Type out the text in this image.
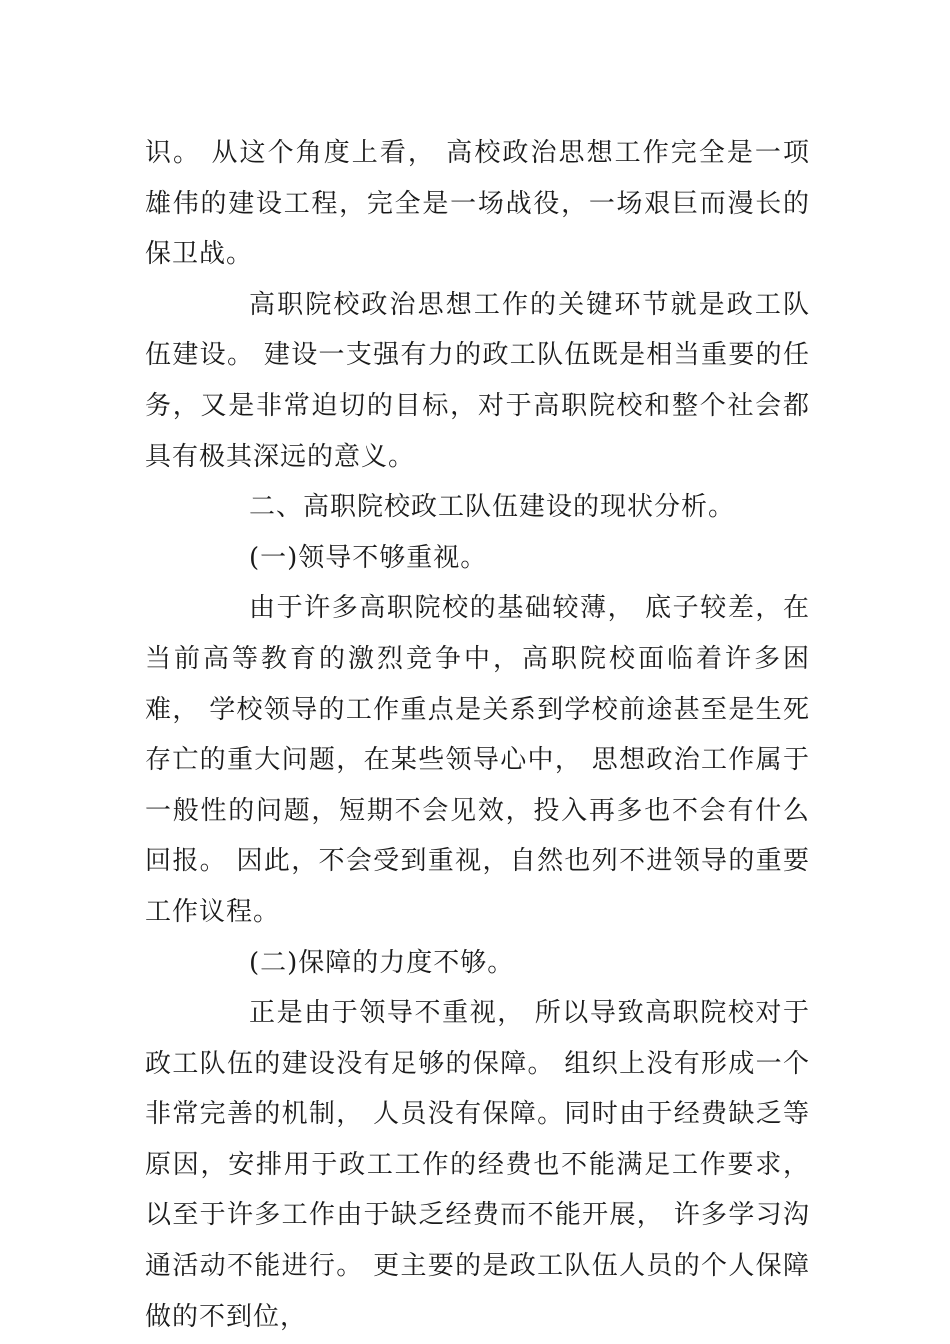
识。 从这个角度上看， 高校政治思想工作完全是一项雄伟的建设工程，完全是一场战役，一场艰巨而漫长的保卫战。

高职院校政治思想工作的关键环节就是政工队伍建设。 建设一支强有力的政工队伍既是相当重要的任务，又是非常迫切的目标，对于高职院校和整个社会都具有极其深远的意义。

二、高职院校政工队伍建设的现状分析。

(一)领导不够重视。

由于许多高职院校的基础较薄， 底子较差，在当前高等教育的激烈竞争中，高职院校面临着许多困难， 学校领导的工作重点是关系到学校前途甚至是生死存亡的重大问题，在某些领导心中， 思想政治工作属于一般性的问题，短期不会见效，投入再多也不会有什么回报。 因此，不会受到重视，自然也列不进领导的重要工作议程。

(二)保障的力度不够。

正是由于领导不重视， 所以导致高职院校对于政工队伍的建设没有足够的保障。 组织上没有形成一个非常完善的机制， 人员没有保障。同时由于经费缺乏等原因，安排用于政工工作的经费也不能满足工作要求， 以至于许多工作由于缺乏经费而不能开展， 许多学习沟通活动不能进行。 更主要的是政工队伍人员的个人保障做的不到位，
